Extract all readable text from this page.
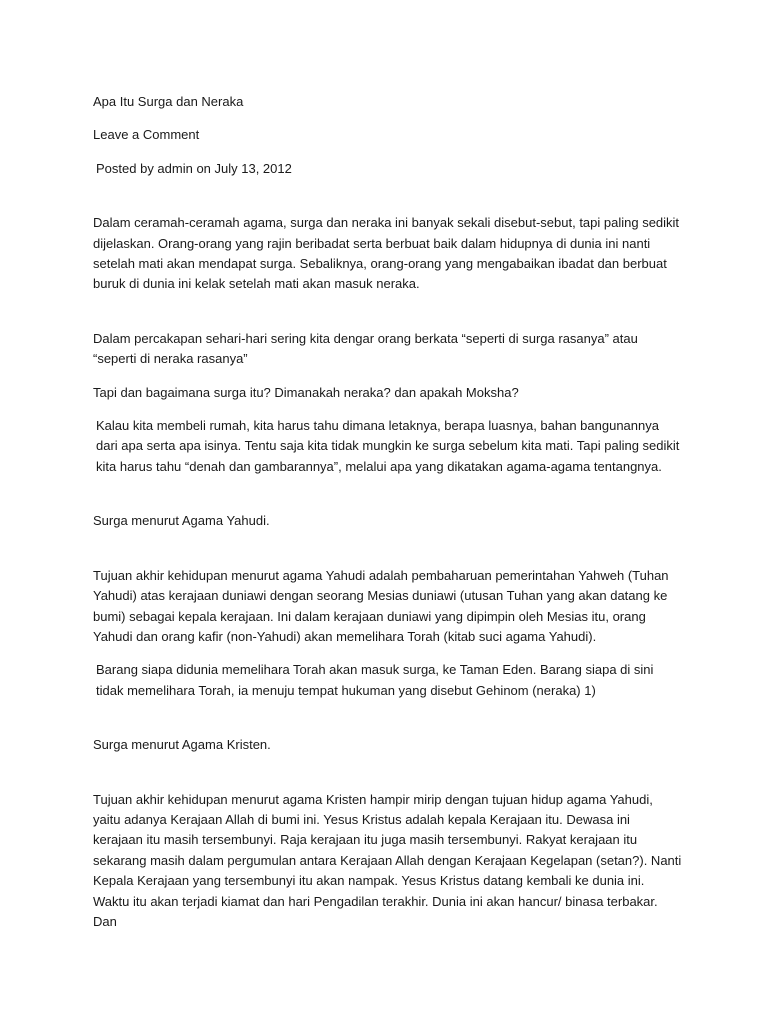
Apa Itu Surga dan Neraka

Leave a Comment

Posted by admin on July 13, 2012

Dalam ceramah-ceramah agama, surga dan neraka ini banyak sekali disebut-sebut, tapi paling sedikit dijelaskan. Orang-orang yang rajin beribadat serta berbuat baik dalam hidupnya di dunia ini nanti setelah mati akan mendapat surga. Sebaliknya, orang-orang yang mengabaikan ibadat dan berbuat buruk di dunia ini kelak setelah mati akan masuk neraka.

Dalam percakapan sehari-hari sering kita dengar orang berkata “seperti di surga rasanya” atau “seperti di neraka rasanya”

Tapi dan bagaimana surga itu? Dimanakah neraka? dan apakah Moksha?

Kalau kita membeli rumah, kita harus tahu dimana letaknya, berapa luasnya, bahan bangunannya dari apa serta apa isinya. Tentu saja kita tidak mungkin ke surga sebelum kita mati. Tapi paling sedikit kita harus tahu “denah dan gambarannya”, melalui apa yang dikatakan agama-agama tentangnya.

Surga menurut Agama Yahudi.

Tujuan akhir kehidupan menurut agama Yahudi adalah pembaharuan pemerintahan Yahweh (Tuhan Yahudi) atas kerajaan duniawi dengan seorang Mesias duniawi (utusan Tuhan yang akan datang ke bumi) sebagai kepala kerajaan. Ini dalam kerajaan duniawi yang dipimpin oleh Mesias itu, orang Yahudi dan orang kafir (non-Yahudi) akan memelihara Torah (kitab suci agama Yahudi).

Barang siapa didunia memelihara Torah akan masuk surga, ke Taman Eden. Barang siapa di sini tidak memelihara Torah, ia menuju tempat hukuman yang disebut Gehinom (neraka) 1)

Surga menurut Agama Kristen.

Tujuan akhir kehidupan menurut agama Kristen hampir mirip dengan tujuan hidup agama Yahudi, yaitu adanya Kerajaan Allah di bumi ini. Yesus Kristus adalah kepala Kerajaan itu. Dewasa ini kerajaan itu masih tersembunyi. Raja kerajaan itu juga masih tersembunyi. Rakyat kerajaan itu sekarang masih dalam pergumulan antara Kerajaan Allah dengan Kerajaan Kegelapan (setan?). Nanti Kepala Kerajaan yang tersembunyi itu akan nampak. Yesus Kristus datang kembali ke dunia ini. Waktu itu akan terjadi kiamat dan hari Pengadilan terakhir. Dunia ini akan hancur/ binasa terbakar. Dan
